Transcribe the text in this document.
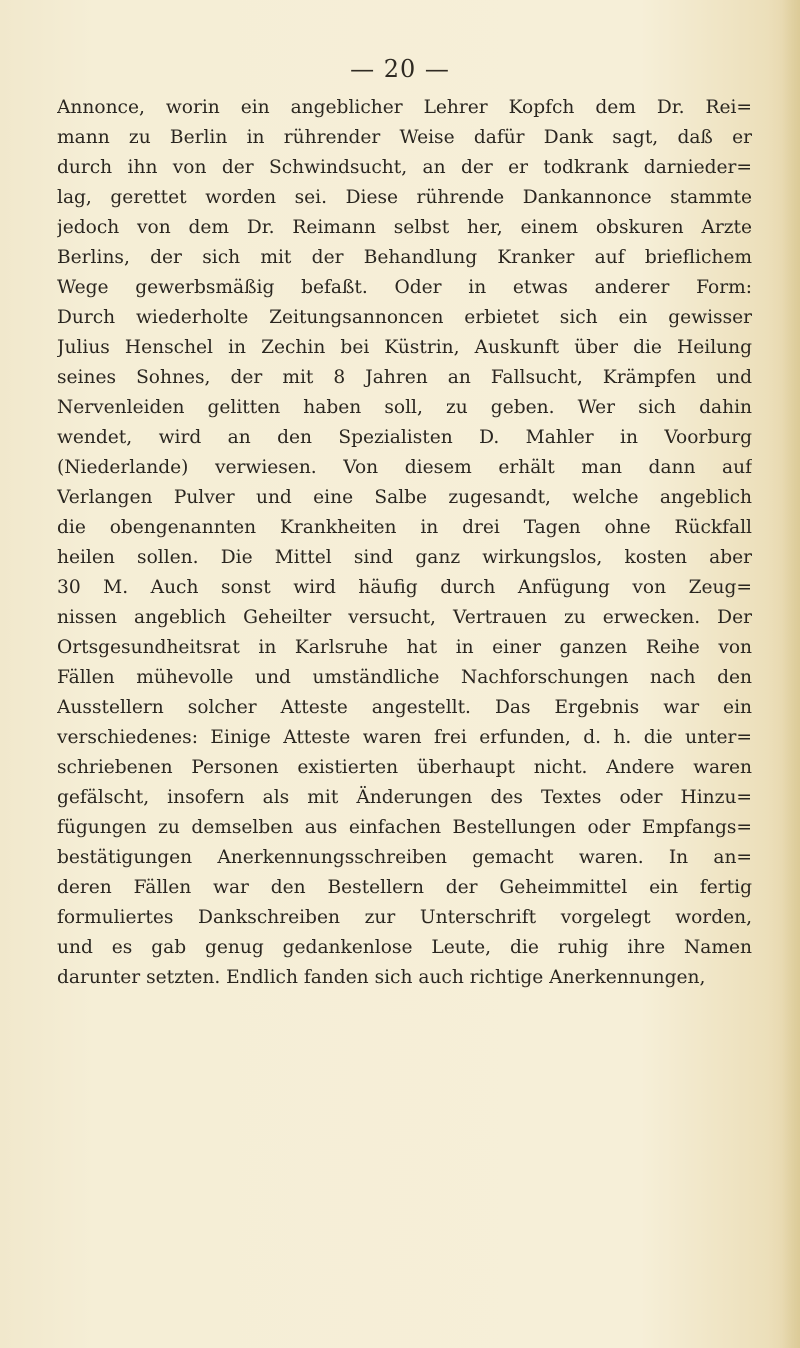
— 20 —
Annonce, worin ein angeblicher Lehrer Kopfch dem Dr. Rei=
mann zu Berlin in rührender Weise dafür Dank sagt, daß er
durch ihn von der Schwindsucht, an der er todkrank darnieder=
lag, gerettet worden sei. Diese rührende Dankannonce stammte
jedoch von dem Dr. Reimann selbst her, einem obskuren Arzte
Berlins, der sich mit der Behandlung Kranker auf brieflichem
Wege gewerbsmäßig befaßt. Oder in etwas anderer Form:
Durch wiederholte Zeitungsannoncen erbietet sich ein gewisser
Julius Henschel in Zechin bei Küstrin, Auskunft über die Heilung
seines Sohnes, der mit 8 Jahren an Fallsucht, Krämpfen und
Nervenleiden gelitten haben soll, zu geben. Wer sich dahin
wendet, wird an den Spezialisten D. Mahler in Voorburg
(Niederlande) verwiesen. Von diesem erhält man dann auf
Verlangen Pulver und eine Salbe zugesandt, welche angeblich
die obengenannten Krankheiten in drei Tagen ohne Rückfall
heilen sollen. Die Mittel sind ganz wirkungslos, kosten aber
30 M. Auch sonst wird häufig durch Anfügung von Zeug=
nissen angeblich Geheilter versucht, Vertrauen zu erwecken. Der
Ortsgesundheitsrat in Karlsruhe hat in einer ganzen Reihe von
Fällen mühevolle und umständliche Nachforschungen nach den
Ausstellern solcher Atteste angestellt. Das Ergebnis war ein
verschiedenes: Einige Atteste waren frei erfunden, d. h. die unter=
schriebenen Personen existierten überhaupt nicht. Andere waren
gefälscht, insofern als mit Änderungen des Textes oder Hinzu=
fügungen zu demselben aus einfachen Bestellungen oder Empfangs=
bestätigungen Anerkennungsschreiben gemacht waren. In an=
deren Fällen war den Bestellern der Geheimmittel ein fertig
formuliertes Dankschreiben zur Unterschrift vorgelegt worden,
und es gab genug gedankenlose Leute, die ruhig ihre Namen
darunter setzten. Endlich fanden sich auch richtige Anerkennungen,
